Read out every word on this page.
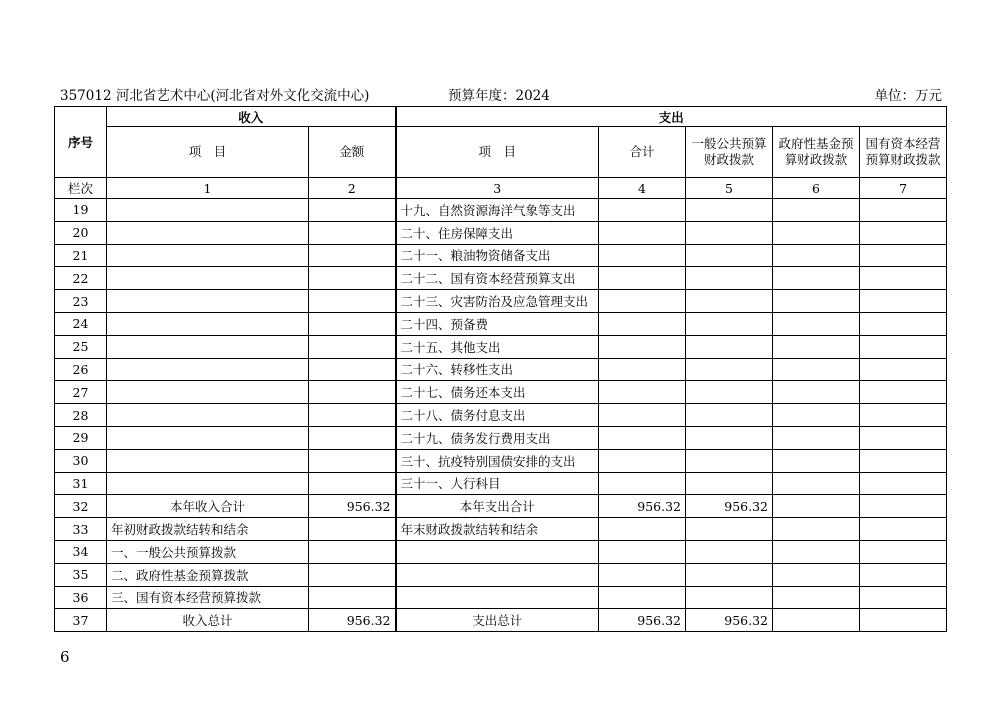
357012 河北省艺术中心(河北省对外文化交流中心)	预算年度：2024	单位：万元
序号	收入		支出				
	项　目	金额	项　目	合计	一般公共预算财政拨款	政府性基金预算财政拨款	国有资本经营预算财政拨款
栏次	1	2	3	4	5	6	7
19			十九、自然资源海洋气象等支出				
20			二十、住房保障支出				
21			二十一、粮油物资储备支出				
22			二十二、国有资本经营预算支出				
23			二十三、灾害防治及应急管理支出				
24			二十四、预备费				
25			二十五、其他支出				
26			二十六、转移性支出				
27			二十七、债务还本支出				
28			二十八、债务付息支出				
29			二十九、债务发行费用支出				
30			三十、抗疫特别国债安排的支出				
31			三十一、人行科目				
32	本年收入合计	956.32	本年支出合计	956.32	956.32		
33	年初财政拨款结转和结余		年末财政拨款结转和结余				
34	一、一般公共预算拨款						
35	二、政府性基金预算拨款						
36	三、国有资本经营预算拨款						
37	收入总计	956.32	支出总计	956.32	956.32		
6
